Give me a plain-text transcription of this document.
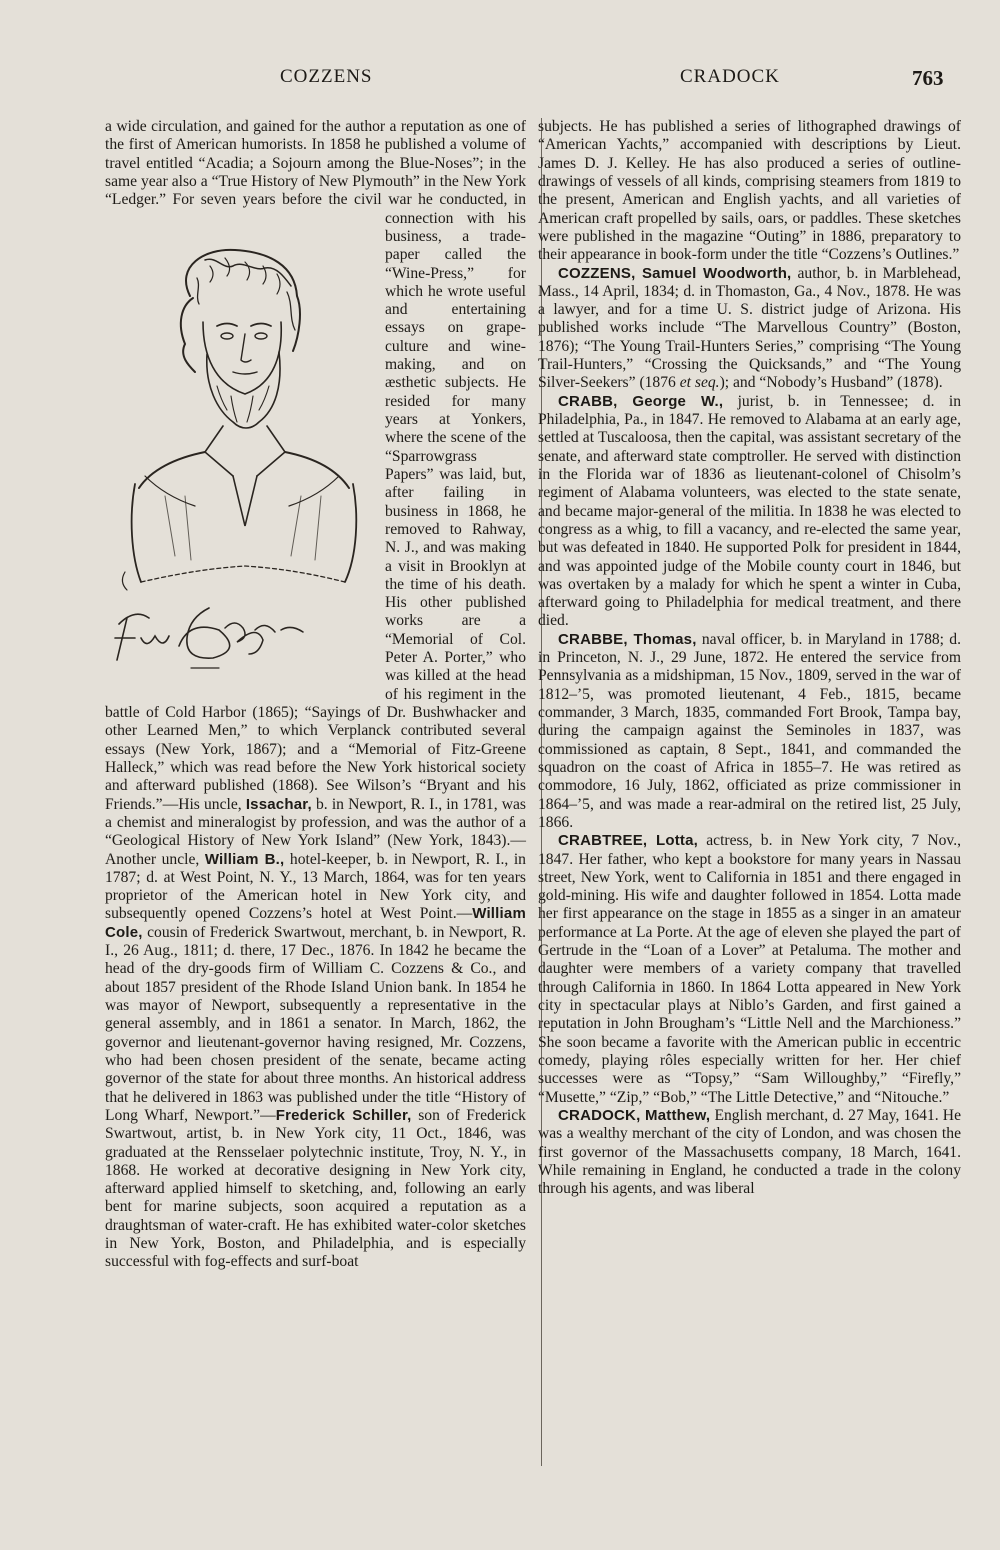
COZZENS	CRADOCK	763
Fred. S. Cozzens.

a wide circulation, and gained for the author a reputation as one of the first of American humorists. In 1858 he published a volume of travel entitled “Acadia; a Sojourn among the Blue-Noses”; in the same year also a “True History of New Plymouth” in the New York “Ledger.” For seven years before the civil war he conducted, in connection with his business, a trade-paper called the “Wine-Press,” for which he wrote useful and entertaining essays on grape-culture and wine-making, and on æsthetic subjects. He resided for many years at Yonkers, where the scene of the “Sparrowgrass Papers” was laid, but, after failing in business in 1868, he removed to Rahway, N. J., and was making a visit in Brooklyn at the time of his death. His other published works are a “Memorial of Col. Peter A. Porter,” who was killed at the head of his regiment in the battle of Cold Harbor (1865); “Sayings of Dr. Bushwhacker and other Learned Men,” to which Verplanck contributed several essays (New York, 1867); and a “Memorial of Fitz-Greene Halleck,” which was read before the New York historical society and afterward published (1868). See Wilson’s “Bryant and his Friends.”—His uncle, Issachar, b. in Newport, R. I., in 1781, was a chemist and mineralogist by profession, and was the author of a “Geological History of New York Island” (New York, 1843).—Another uncle, William B., hotel-keeper, b. in Newport, R. I., in 1787; d. at West Point, N. Y., 13 March, 1864, was for ten years proprietor of the American hotel in New York city, and subsequently opened Cozzens’s hotel at West Point.—William Cole, cousin of Frederick Swartwout, merchant, b. in Newport, R. I., 26 Aug., 1811; d. there, 17 Dec., 1876. In 1842 he became the head of the dry-goods firm of William C. Cozzens & Co., and about 1857 president of the Rhode Island Union bank. In 1854 he was mayor of Newport, subsequently a representative in the general assembly, and in 1861 a senator. In March, 1862, the governor and lieutenant-governor having resigned, Mr. Cozzens, who had been chosen president of the senate, became acting governor of the state for about three months. An historical address that he delivered in 1863 was published under the title “History of Long Wharf, Newport.”—Frederick Schiller, son of Frederick Swartwout, artist, b. in New York city, 11 Oct., 1846, was graduated at the Rensselaer polytechnic institute, Troy, N. Y., in 1868. He worked at decorative designing in New York city, afterward applied himself to sketching, and, following an early bent for marine subjects, soon acquired a reputation as a draughtsman of water-craft. He has exhibited water-color sketches in New York, Boston, and Philadelphia, and is especially successful with fog-effects and surf-boat

subjects. He has published a series of lithographed drawings of “American Yachts,” accompanied with descriptions by Lieut. James D. J. Kelley. He has also produced a series of outline-drawings of vessels of all kinds, comprising steamers from 1819 to the present, American and English yachts, and all varieties of American craft propelled by sails, oars, or paddles. These sketches were published in the magazine “Outing” in 1886, preparatory to their appearance in book-form under the title “Cozzens’s Outlines.”

COZZENS, Samuel Woodworth, author, b. in Marblehead, Mass., 14 April, 1834; d. in Thomaston, Ga., 4 Nov., 1878. He was a lawyer, and for a time U. S. district judge of Arizona. His published works include “The Marvellous Country” (Boston, 1876); “The Young Trail-Hunters Series,” comprising “The Young Trail-Hunters,” “Crossing the Quicksands,” and “The Young Silver-Seekers” (1876 et seq.); and “Nobody’s Husband” (1878).

CRABB, George W., jurist, b. in Tennessee; d. in Philadelphia, Pa., in 1847. He removed to Alabama at an early age, settled at Tuscaloosa, then the capital, was assistant secretary of the senate, and afterward state comptroller. He served with distinction in the Florida war of 1836 as lieutenant-colonel of Chisolm’s regiment of Alabama volunteers, was elected to the state senate, and became major-general of the militia. In 1838 he was elected to congress as a whig, to fill a vacancy, and re-elected the same year, but was defeated in 1840. He supported Polk for president in 1844, and was appointed judge of the Mobile county court in 1846, but was overtaken by a malady for which he spent a winter in Cuba, afterward going to Philadelphia for medical treatment, and there died.

CRABBE, Thomas, naval officer, b. in Maryland in 1788; d. in Princeton, N. J., 29 June, 1872. He entered the service from Pennsylvania as a midshipman, 15 Nov., 1809, served in the war of 1812–’5, was promoted lieutenant, 4 Feb., 1815, became commander, 3 March, 1835, commanded Fort Brook, Tampa bay, during the campaign against the Seminoles in 1837, was commissioned as captain, 8 Sept., 1841, and commanded the squadron on the coast of Africa in 1855–7. He was retired as commodore, 16 July, 1862, officiated as prize commissioner in 1864–’5, and was made a rear-admiral on the retired list, 25 July, 1866.

CRABTREE, Lotta, actress, b. in New York city, 7 Nov., 1847. Her father, who kept a bookstore for many years in Nassau street, New York, went to California in 1851 and there engaged in gold-mining. His wife and daughter followed in 1854. Lotta made her first appearance on the stage in 1855 as a singer in an amateur performance at La Porte. At the age of eleven she played the part of Gertrude in the “Loan of a Lover” at Petaluma. The mother and daughter were members of a variety company that travelled through California in 1860. In 1864 Lotta appeared in New York city in spectacular plays at Niblo’s Garden, and first gained a reputation in John Brougham’s “Little Nell and the Marchioness.” She soon became a favorite with the American public in eccentric comedy, playing rôles especially written for her. Her chief successes were as “Topsy,” “Sam Willoughby,” “Firefly,” “Musette,” “Zip,” “Bob,” “The Little Detective,” and “Nitouche.”

CRADOCK, Matthew, English merchant, d. 27 May, 1641. He was a wealthy merchant of the city of London, and was chosen the first governor of the Massachusetts company, 18 March, 1641. While remaining in England, he conducted a trade in the colony through his agents, and was liberal
